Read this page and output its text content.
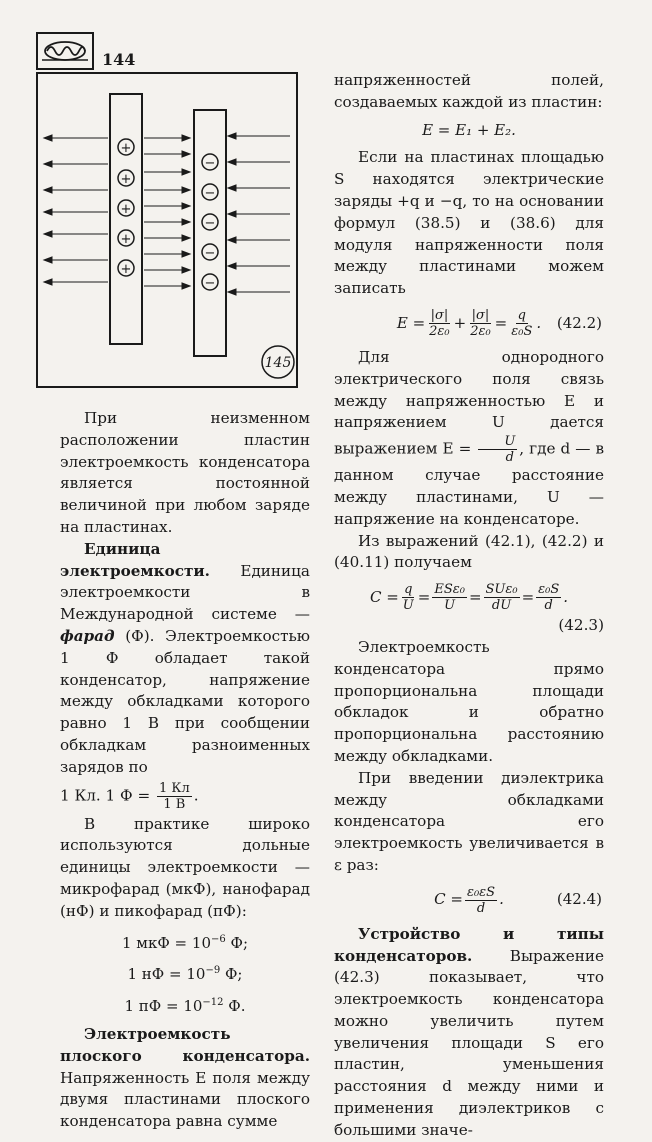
144
+
+
+
+
+
−
−
−
−
−
145

При неизменном расположении пластин электроемкость конденсатора является постоянной величиной при любом заряде на пластинах.

Единица электроемкости. Единица электроемкости в Международной системе — фарад (Ф). Электроемкостью 1 Ф обладает такой конденсатор, напряжение между обкладками которого равно 1 В при сообщении обкладкам разноименных зарядов по

1 Кл. 1 $Ф = \frac{1 Кл}{1 В}$ .

В практике широко используются дольные единицы электроемкости — микрофарад (мкФ), нанофарад (нФ) и пикофарад (пФ):

1 мкФ = $10^{-6}$ Ф;
1 нФ = $10^{-9}$ Ф;
1 пФ = $10^{-12}$ Ф.

Электроемкость плоского конденсатора. Напряженность E поля между двумя пластинами плоского конденсатора равна сумме

напряженностей полей, создаваемых каждой из пластин:

E = E₁ + E₂.

Если на пластинах площадью S находятся электрические заряды +q и −q, то на основании формул (38.5) и (38.6) для модуля напряженности поля между пластинами можем записать

$E = \frac{|\sigma|}{\text{2ε₀}} + \frac{|\sigma|}{\text{2ε₀}} = \frac{q}{\text{ε₀S}}$ . (42.2)

Для однородного электрического поля связь между напряженностью E и напряжением U дается выражением $E = \frac{U}{d}$ , где d — в данном случае расстояние между пластинами, U — напряжение на конденсаторе.

Из выражений (42.1), (42.2) и (40.11) получаем

$C = \frac{q}{U} = \frac{\text{ESε₀}}{U} = \frac{\text{SUε₀}}{dU} = \frac{\text{ε₀S}}{d}$ .
(42.3)

Электроемкость конденсатора прямо пропорциональна площади обкладок и обратно пропорциональна расстоянию между обкладками.

При введении диэлектрика между обкладками конденсатора его электроемкость увеличивается в ε раз:

$C = \frac{\text{ε₀εS}}{d}$ .	(42.4)

Устройство и типы конденсаторов. Выражение (42.3) показывает, что электроемкость конденсатора можно увеличить путем увеличения площади S его пластин, уменьшения расстояния d между ними и применения диэлектриков с большими значе-
